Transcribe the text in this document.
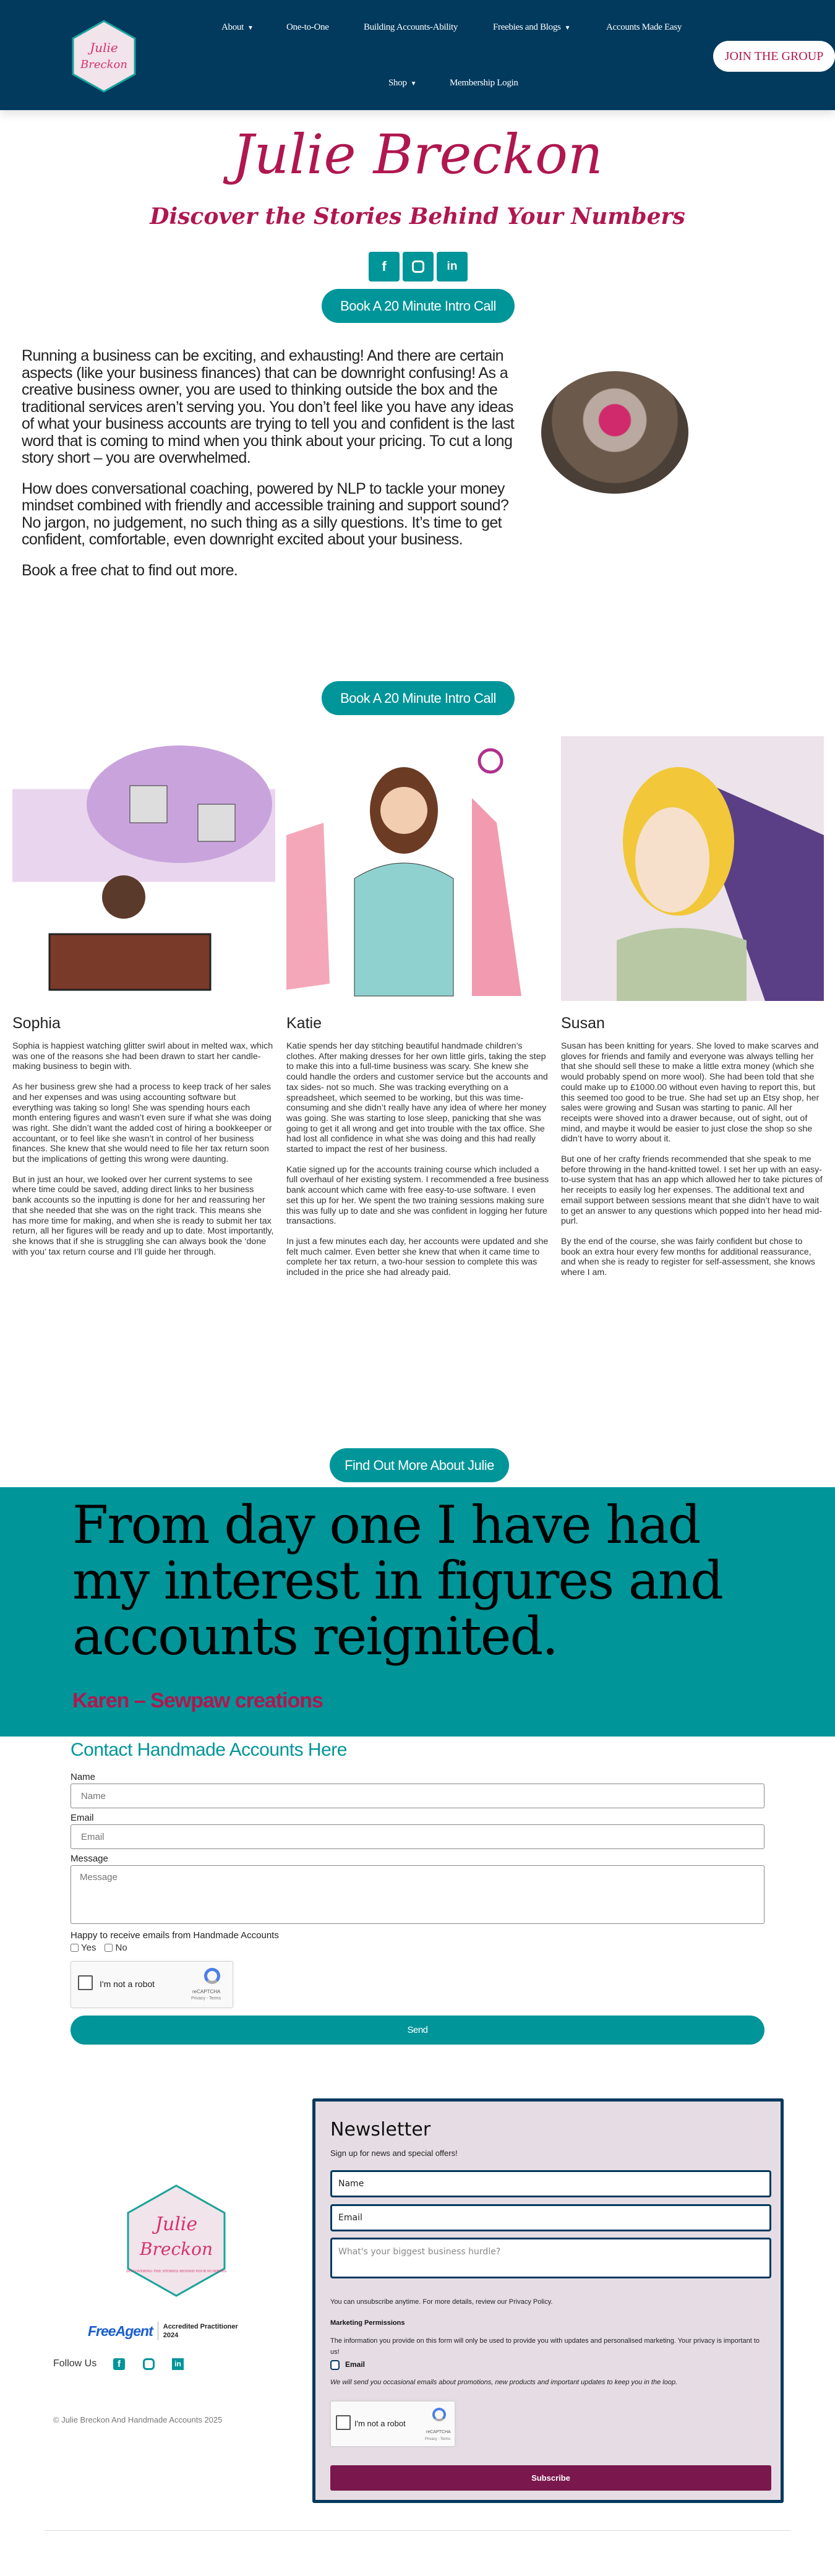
Julie
Breckon
About ▼	One-to-One	Building Accounts-Ability	Freebies and Blogs ▼	Accounts Made Easy
Shop ▼	Membership Login
JOIN THE GROUP
Julie Breckon
Discover the Stories Behind Your Numbers
f	in
Book A 20 Minute Intro Call

Running a business can be exciting, and exhausting! And there are certain aspects (like your business finances) that can be downright confusing! As a creative business owner, you are used to thinking outside the box and the traditional services aren’t serving you. You don’t feel like you have any ideas of what your business accounts are trying to tell you and confident is the last word that is coming to mind when you think about your pricing. To cut a long story short – you are overwhelmed.

How does conversational coaching, powered by NLP to tackle your money mindset combined with friendly and accessible training and support sound? No jargon, no judgement, no such thing as a silly questions. It’s time to get confident, comfortable, even downright excited about your business.

Book a free chat to find out more.

Book A 20 Minute Intro Call
Sophia

Sophia is happiest watching glitter swirl about in melted wax, which was one of the reasons she had been drawn to start her candle-making business to begin with.

As her business grew she had a process to keep track of her sales and her expenses and was using accounting software but everything was taking so long! She was spending hours each month entering figures and wasn’t even sure if what she was doing was right. She didn’t want the added cost of hiring a bookkeeper or accountant, or to feel like she wasn’t in control of her business finances. She knew that she would need to file her tax return soon but the implications of getting this wrong were daunting.

But in just an hour, we looked over her current systems to see where time could be saved, adding direct links to her business bank accounts so the inputting is done for her and reassuring her that she needed that she was on the right track. This means she has more time for making, and when she is ready to submit her tax return, all her figures will be ready and up to date. Most importantly, she knows that if she is struggling she can always book the ‘done with you’ tax return course and I’ll guide her through.

Katie

Katie spends her day stitching beautiful handmade children’s clothes. After making dresses for her own little girls, taking the step to make this into a full-time business was scary. She knew she could handle the orders and customer service but the accounts and tax sides- not so much. She was tracking everything on a spreadsheet, which seemed to be working, but this was time-consuming and she didn’t really have any idea of where her money was going. She was starting to lose sleep, panicking that she was going to get it all wrong and get into trouble with the tax office. She had lost all confidence in what she was doing and this had really started to impact the rest of her business.

Katie signed up for the accounts training course which included a full overhaul of her existing system. I recommended a free business bank account which came with free easy-to-use software. I even set this up for her. We spent the two training sessions making sure this was fully up to date and she was confident in logging her future transactions.

In just a few minutes each day, her accounts were updated and she felt much calmer. Even better she knew that when it came time to complete her tax return, a two-hour session to complete this was included in the price she had already paid.

Susan

Susan has been knitting for years. She loved to make scarves and gloves for friends and family and everyone was always telling her that she should sell these to make a little extra money (which she would probably spend on more wool). She had been told that she could make up to £1000.00 without even having to report this, but this seemed too good to be true. She had set up an Etsy shop, her sales were growing and Susan was starting to panic. All her receipts were shoved into a drawer because, out of sight, out of mind, and maybe it would be easier to just close the shop so she didn’t have to worry about it.

But one of her crafty friends recommended that she speak to me before throwing in the hand-knitted towel. I set her up with an easy-to-use system that has an app which allowed her to take pictures of her receipts to easily log her expenses. The additional text and email support between sessions meant that she didn’t have to wait to get an answer to any questions which popped into her head mid-purl.

By the end of the course, she was fairly confident but chose to book an extra hour every few months for additional reassurance, and when she is ready to register for self-assessment, she knows where I am.

Find Out More About Julie
From day one I have had my interest in figures and accounts reignited.
Karen – Sewpaw creations
Contact Handmade Accounts Here
Name
Name
Email
Email
Message
Message
Happy to receive emails from Handmade Accounts
Yes No
I'm not a robot
reCAPTCHA
Privacy - Terms
Send
Julie
Breckon
DISCOVERING THE STORIES BEHIND YOUR NUMBERS
FreeAgent Accredited Practitioner
2024
Follow Us	f	in
© Julie Breckon And Handmade Accounts 2025
Newsletter
Sign up for news and special offers!
Name
Email
What's your biggest business hurdle?
You can unsubscribe anytime. For more details, review our Privacy Policy.
Marketing Permissions
The information you provide on this form will only be used to provide you with updates and personalised marketing. Your privacy is important to us!
Email
We will send you occasional emails about promotions, new products and important updates to keep you in the loop.
I'm not a robot
reCAPTCHA
Privacy - Terms
Subscribe
